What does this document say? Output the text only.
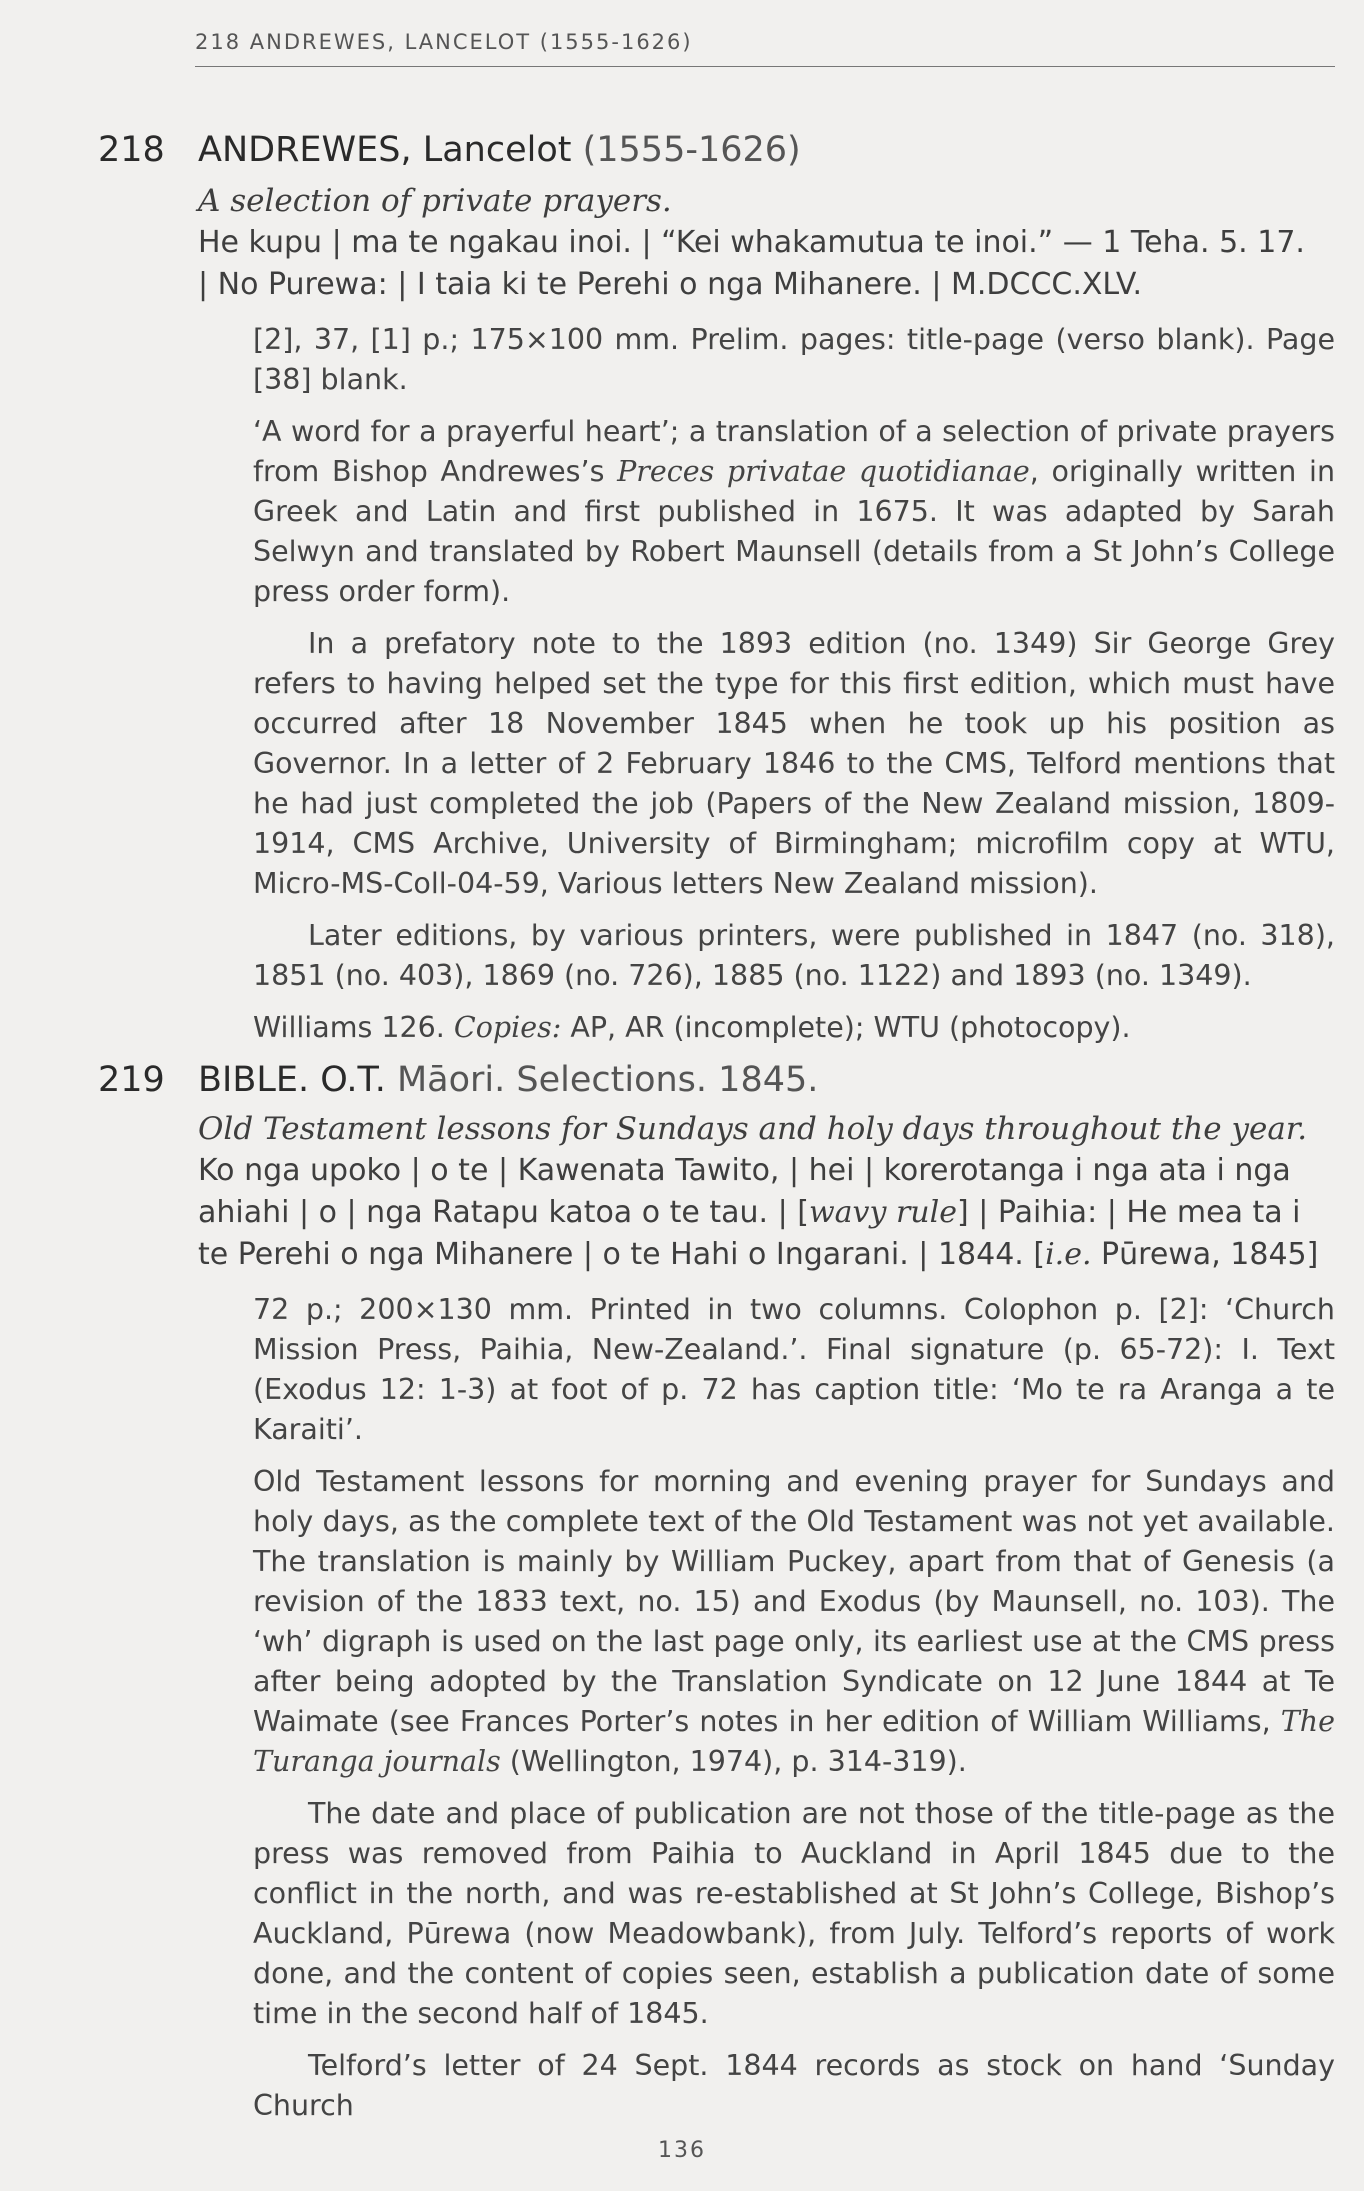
218 ANDREWES, LANCELOT (1555-1626)
218 ANDREWES, Lancelot (1555-1626)
A selection of private prayers.
He kupu | ma te ngakau inoi. | “Kei whakamutua te inoi.” — 1 Teha. 5. 17.
| No Purewa: | I taia ki te Perehi o nga Mihanere. | M.DCCC.XLV.

[2], 37, [1] p.; 175×100 mm. Prelim. pages: title-page (verso blank). Page [38] blank.

‘A word for a prayerful heart’; a translation of a selection of private prayers from Bishop Andrewes’s Preces privatae quotidianae, originally written in Greek and Latin and first published in 1675. It was adapted by Sarah Selwyn and translated by Robert Maunsell (details from a St John’s College press order form).

In a prefatory note to the 1893 edition (no. 1349) Sir George Grey refers to having helped set the type for this first edition, which must have occurred after 18 November 1845 when he took up his position as Governor. In a letter of 2 February 1846 to the CMS, Telford mentions that he had just completed the job (Papers of the New Zealand mission, 1809-1914, CMS Archive, University of Birmingham; microfilm copy at WTU, Micro-MS-Coll-04-59, Various letters New Zealand mission).

Later editions, by various printers, were published in 1847 (no. 318), 1851 (no. 403), 1869 (no. 726), 1885 (no. 1122) and 1893 (no. 1349).

Williams 126. Copies: AP, AR (incomplete); WTU (photocopy).

219 BIBLE. O.T. Māori. Selections. 1845.
Old Testament lessons for Sundays and holy days throughout the year.
Ko nga upoko | o te | Kawenata Tawito, | hei | korerotanga i nga ata i nga ahiahi | o | nga Ratapu katoa o te tau. | [wavy rule] | Paihia: | He mea ta i te Perehi o nga Mihanere | o te Hahi o Ingarani. | 1844. [i.e. Pūrewa, 1845]

72 p.; 200×130 mm. Printed in two columns. Colophon p. [2]: ‘Church Mission Press, Paihia, New-Zealand.’. Final signature (p. 65-72): I. Text (Exodus 12: 1-3) at foot of p. 72 has caption title: ‘Mo te ra Aranga a te Karaiti’.

Old Testament lessons for morning and evening prayer for Sundays and holy days, as the complete text of the Old Testament was not yet available. The translation is mainly by William Puckey, apart from that of Genesis (a revision of the 1833 text, no. 15) and Exodus (by Maunsell, no. 103). The ‘wh’ digraph is used on the last page only, its earliest use at the CMS press after being adopted by the Translation Syndicate on 12 June 1844 at Te Waimate (see Frances Porter’s notes in her edition of William Williams, The Turanga journals (Wellington, 1974), p. 314-319).

The date and place of publication are not those of the title-page as the press was removed from Paihia to Auckland in April 1845 due to the conflict in the north, and was re-established at St John’s College, Bishop’s Auckland, Pūrewa (now Meadowbank), from July. Telford’s reports of work done, and the content of copies seen, establish a publication date of some time in the second half of 1845.

Telford’s letter of 24 Sept. 1844 records as stock on hand ‘Sunday Church

136
